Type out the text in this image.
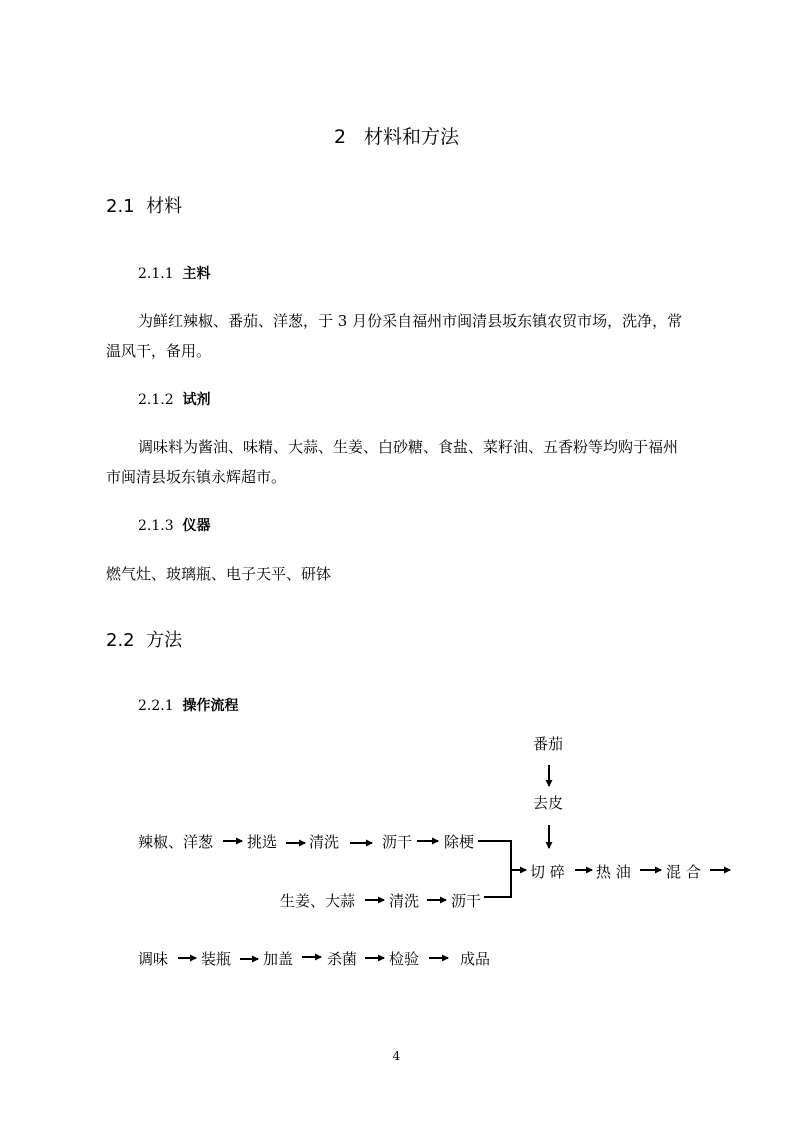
2 材料和方法
2.1 材料
2.1.1 主料
为鲜红辣椒、番茄、洋葱，于 3 月份采自福州市闽清县坂东镇农贸市场，洗净，常
温风干，备用。
2.1.2 试剂
调味料为酱油、味精、大蒜、生姜、白砂糖、食盐、菜籽油、五香粉等均购于福州
市闽清县坂东镇永辉超市。
2.1.3 仪器
燃气灶、玻璃瓶、电子天平、研钵
2.2 方法
2.2.1 操作流程
番茄
去皮
辣椒、洋葱 挑选 清洗	沥干 除梗
切 碎 热 油 混 合
生姜、大蒜 清洗 沥干
调味 装瓶 加盖 杀菌 检验	成品
4
